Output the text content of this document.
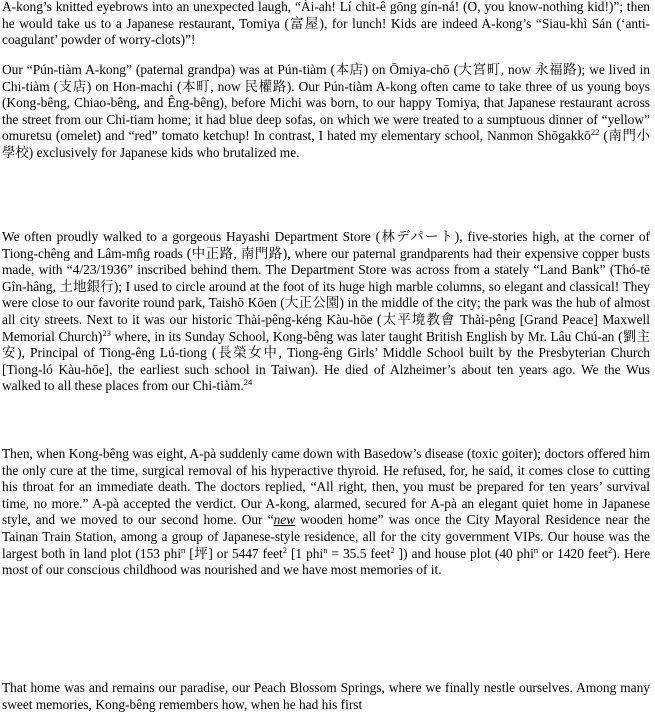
A-kong’s knitted eyebrows into an unexpected laugh, “Ài-ah! Lí chit-ê gōng gín-ná! (O, you know-nothing kid!)”; then he would take us to a Japanese restaurant, Tomiya (富屋), for lunch! Kids are indeed A-kong’s “Siau-khì Sán (‘anti-coagulant’ powder of worry-clots)”!

Our “Pún-tiàm A-kong” (paternal grandpa) was at Pún-tiàm (本店) on Ōmiya-chō (大宮町, now 永福路); we lived in Chi-tiàm (支店) on Hon-machi (本町, now 民權路). Our Pún-tiàm A-kong often came to take three of us young boys (Kong-bêng, Chiao-bêng, and Êng-bêng), before Michi was born, to our happy Tomiya, that Japanese restaurant across the street from our Chi-tiam home; it had blue deep sofas, on which we were treated to a sumptuous dinner of “yellow” omuretsu (omelet) and “red” tomato ketchup! In contrast, I hated my elementary school, Nanmon Shōgakkō$^{22}$ (南門小學校) exclusively for Japanese kids who brutalized me.

We often proudly walked to a gorgeous Hayashi Department Store (林デパート), five-stories high, at the corner of Tiong-chêng and Lâm-mn̂g roads (中正路, 南門路), where our paternal grandparents had their expensive copper busts made, with “4/23/1936” inscribed behind them. The Department Store was across from a stately “Land Bank” (Thó-tē Gîn-hâng, 土地銀行); I used to circle around at the foot of its huge high marble columns, so elegant and classical! They were close to our favorite round park, Taishō Kōen (大正公園) in the middle of the city; the park was the hub of almost all city streets. Next to it was our historic Thài-pêng-kéng Kàu-hōe (太平境教會 Thài-pêng [Grand Peace] Maxwell Memorial Church)$^{23}$ where, in its Sunday School, Kong-bêng was later taught British English by Mr. Lâu Chú-an (劉主安), Principal of Tiong-êng Lú-tiong (長榮女中, Tiong-êng Girls’ Middle School built by the Presbyterian Church [Tiong-ló Kàu-hōe], the earliest such school in Taiwan). He died of Alzheimer’s about ten years ago. We the Wus walked to all these places from our Chi-tiàm.$^{24}$

Then, when Kong-bêng was eight, A-pà suddenly came down with Basedow’s disease (toxic goiter); doctors offered him the only cure at the time, surgical removal of his hyperactive thyroid. He refused, for, he said, it comes close to cutting his throat for an immediate death. The doctors replied, “All right, then, you must be prepared for ten years’ survival time, no more.” A-pà accepted the verdict. Our A-kong, alarmed, secured for A-pà an elegant quiet home in Japanese style, and we moved to our second home. Our “new wooden home” was once the City Mayoral Residence near the Tainan Train Station, among a group of Japanese-style residence, all for the city government VIPs. Our house was the largest both in land plot (153 phi$^n$ [坪] or 5447 feet$^2$ [1 phi$^n$ = 35.5 feet$^2$ ]) and house plot (40 phi$^n$ or 1420 feet$^2$). Here most of our conscious childhood was nourished and we have most memories of it.

That home was and remains our paradise, our Peach Blossom Springs, where we finally nestle ourselves. Among many sweet memories, Kong-bêng remembers how, when he had his first
